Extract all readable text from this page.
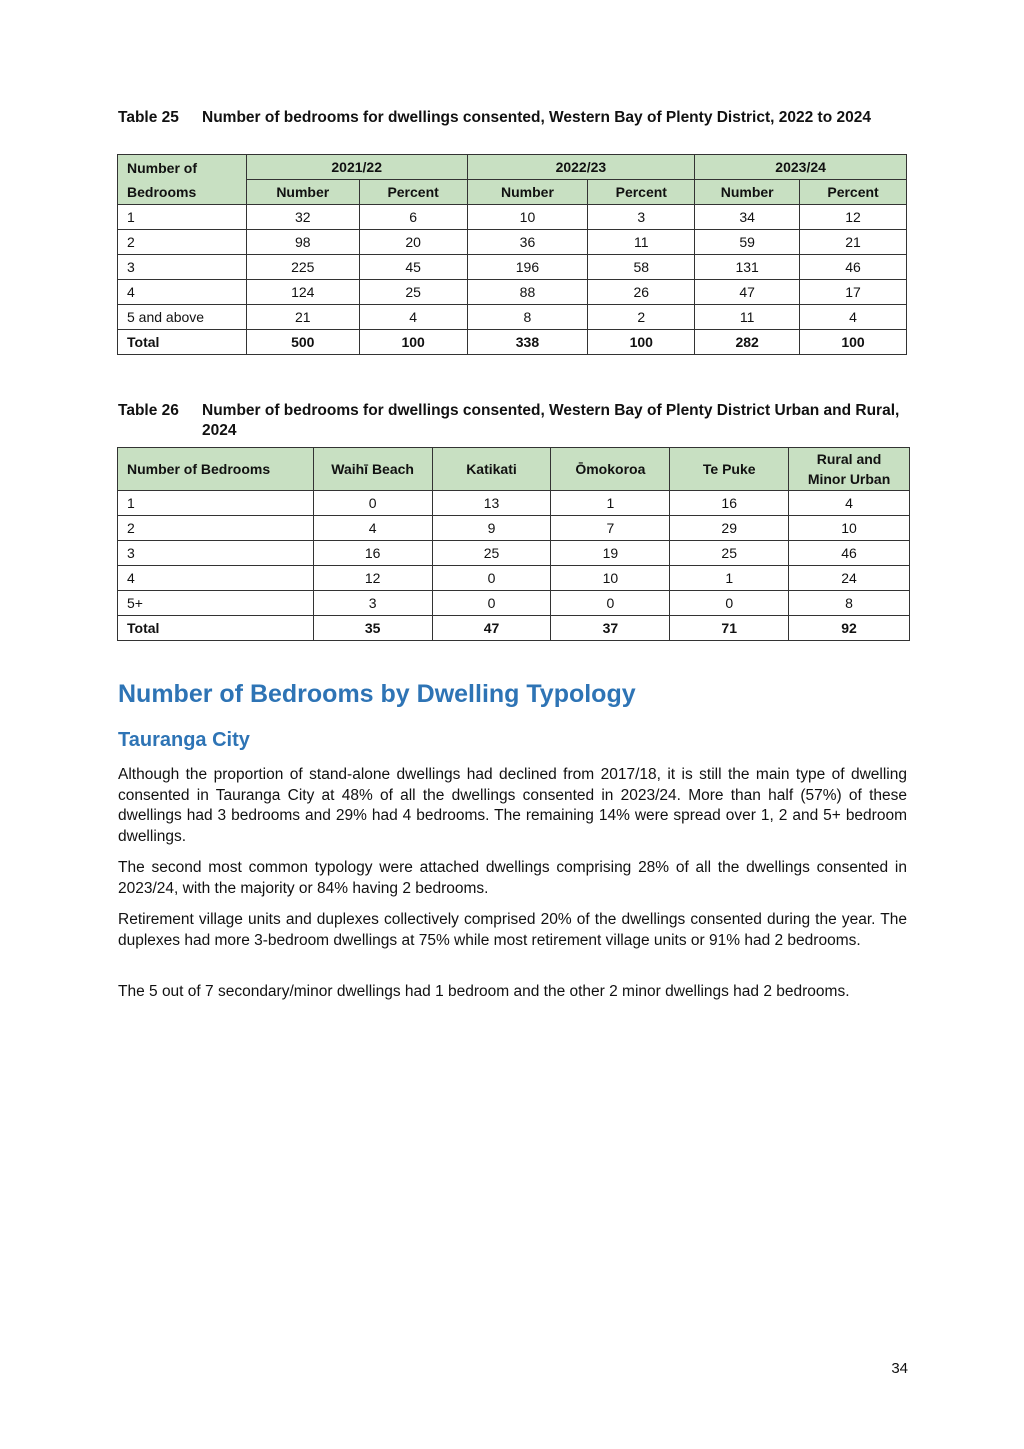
Table 25 Number of bedrooms for dwellings consented, Western Bay of Plenty District, 2022 to 2024
Number of
Bedrooms	2021/22		2022/23		2023/24	
	Number	Percent	Number	Percent	Number	Percent
1	32	6	10	3	34	12
2	98	20	36	11	59	21
3	225	45	196	58	131	46
4	124	25	88	26	47	17
5 and above	21	4	8	2	11	4
Total	500	100	338	100	282	100
Table 26 Number of bedrooms for dwellings consented, Western Bay of Plenty District Urban and Rural, 2024
Number of Bedrooms	Waihī Beach	Katikati	Ōmokoroa	Te Puke	Rural and Minor Urban
1	0	13	1	16	4
2	4	9	7	29	10
3	16	25	19	25	46
4	12	0	10	1	24
5+	3	0	0	0	8
Total	35	47	37	71	92
Number of Bedrooms by Dwelling Typology
Tauranga City

Although the proportion of stand-alone dwellings had declined from 2017/18, it is still the main type of dwelling consented in Tauranga City at 48% of all the dwellings consented in 2023/24. More than half (57%) of these dwellings had 3 bedrooms and 29% had 4 bedrooms. The remaining 14% were spread over 1, 2 and 5+ bedroom dwellings.

The second most common typology were attached dwellings comprising 28% of all the dwellings consented in 2023/24, with the majority or 84% having 2 bedrooms.

Retirement village units and duplexes collectively comprised 20% of the dwellings consented during the year. The duplexes had more 3-bedroom dwellings at 75% while most retirement village units or 91% had 2 bedrooms.

The 5 out of 7 secondary/minor dwellings had 1 bedroom and the other 2 minor dwellings had 2 bedrooms.

34
